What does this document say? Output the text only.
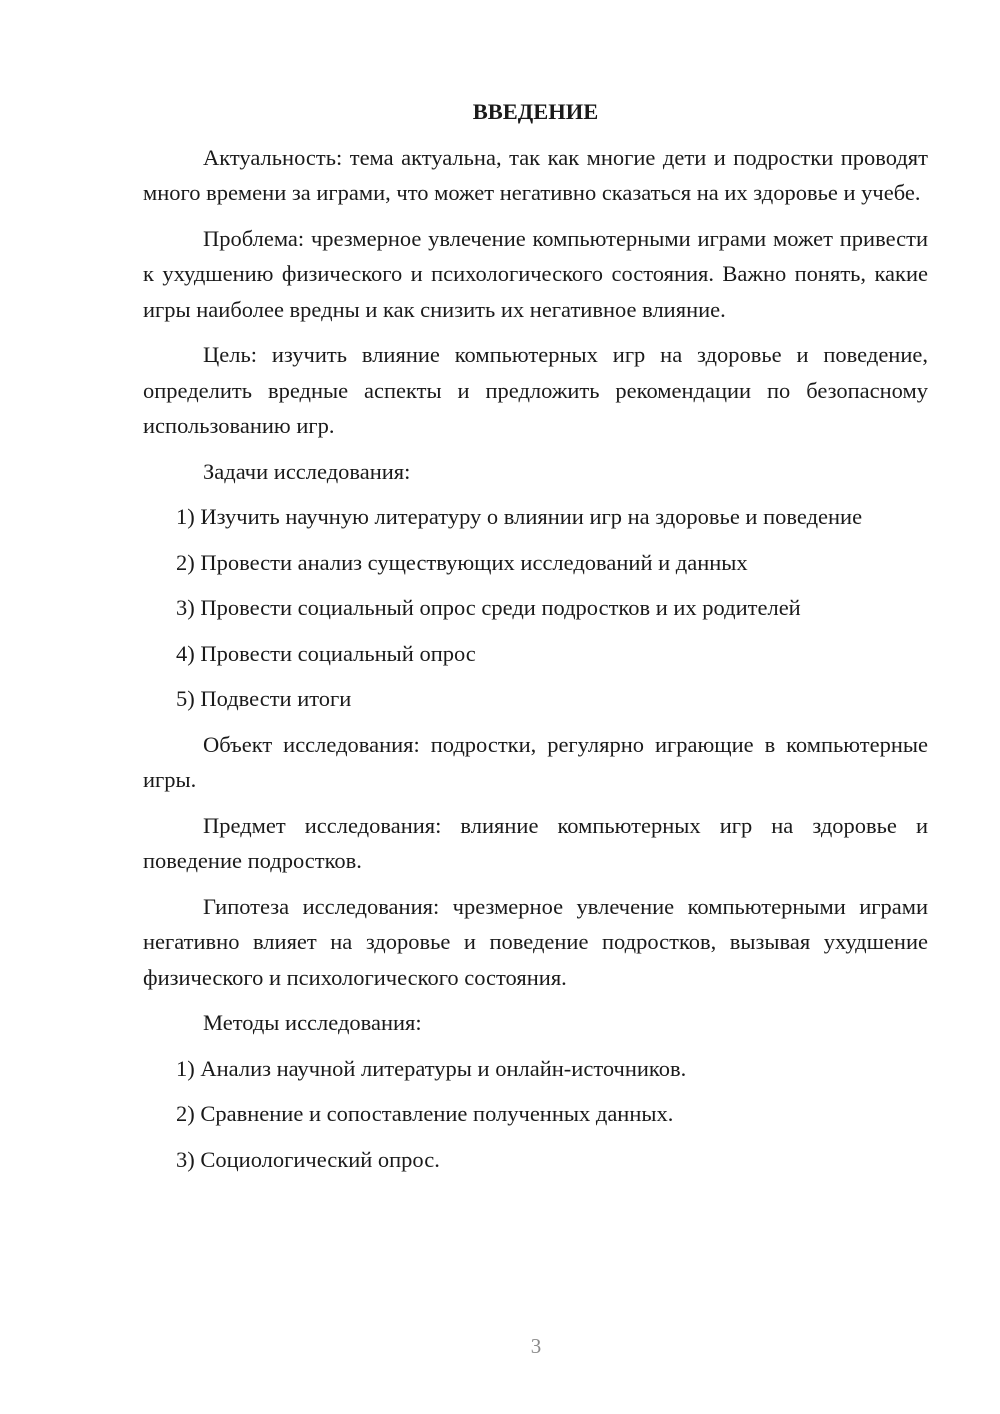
ВВЕДЕНИЕ

Актуальность: тема актуальна, так как многие дети и подростки проводят много времени за играми, что может негативно сказаться на их здоровье и учебе.

Проблема: чрезмерное увлечение компьютерными играми может привести к ухудшению физического и психологического состояния. Важно понять, какие игры наиболее вредны и как снизить их негативное влияние.

Цель: изучить влияние компьютерных игр на здоровье и поведение, определить вредные аспекты и предложить рекомендации по безопасному использованию игр.

Задачи исследования:

1) Изучить научную литературу о влиянии игр на здоровье и поведение

2) Провести анализ существующих исследований и данных

3) Провести социальный опрос среди подростков и их родителей

4) Провести социальный опрос

5) Подвести итоги

Объект исследования: подростки, регулярно играющие в компьютерные игры.

Предмет исследования: влияние компьютерных игр на здоровье и поведение подростков.

Гипотеза исследования: чрезмерное увлечение компьютерными играми негативно влияет на здоровье и поведение подростков, вызывая ухудшение физического и психологического состояния.

Методы исследования:

1) Анализ научной литературы и онлайн-источников.

2) Сравнение и сопоставление полученных данных.

3) Социологический опрос.

3
